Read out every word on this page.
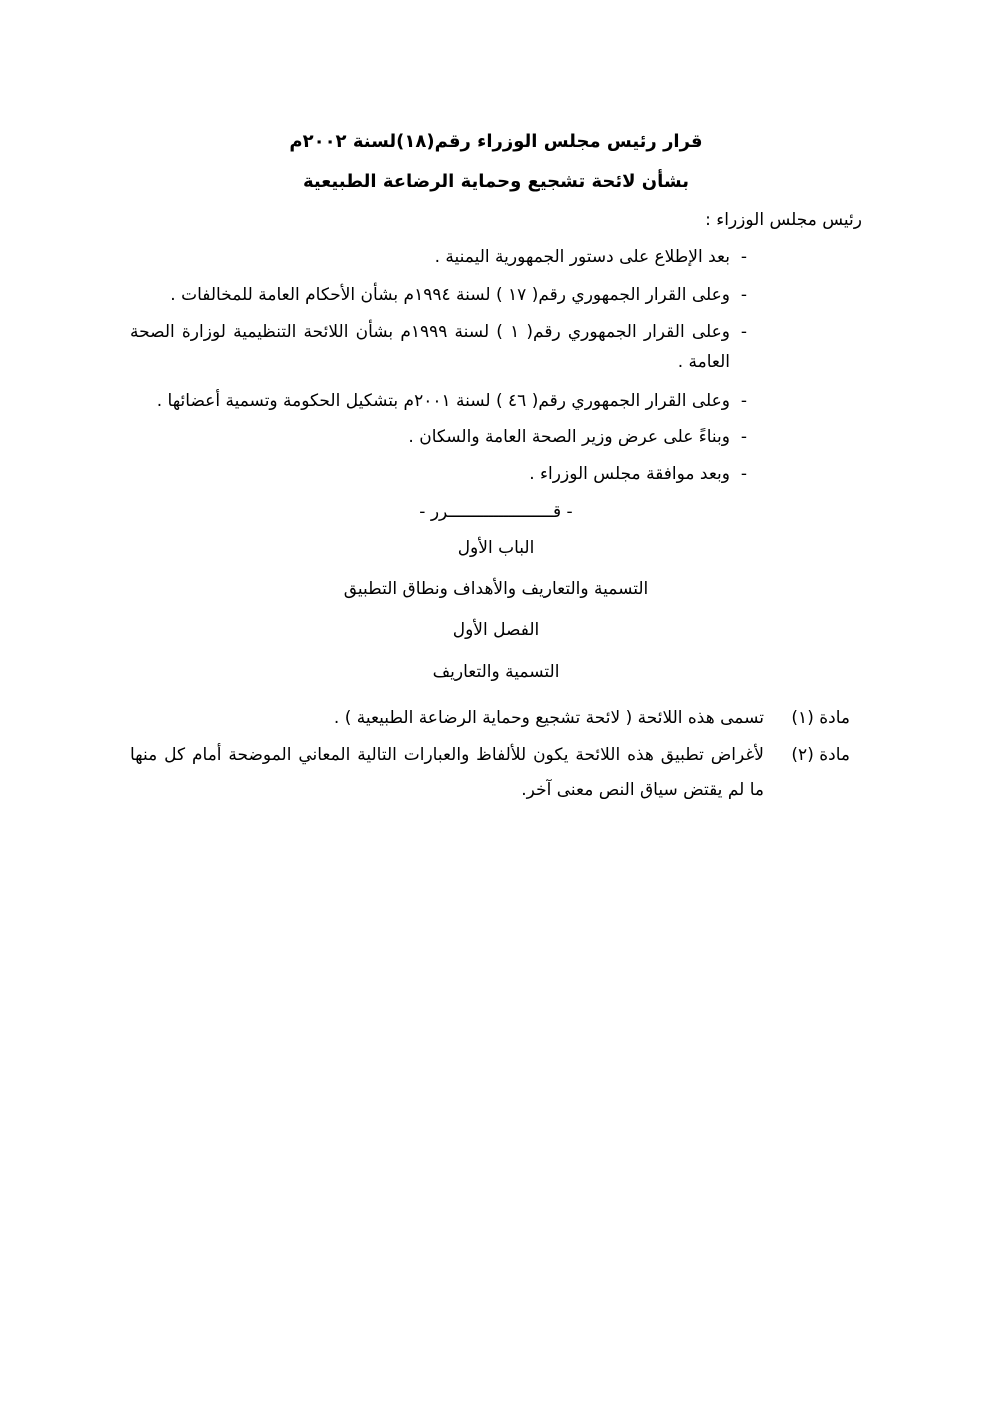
قرار رئيس مجلس الوزراء رقم(١٨)لسنة ٢٠٠٢م
بشأن لائحة تشجيع وحماية الرضاعة الطبيعية
رئيس مجلس الوزراء :
-
بعد الإطلاع على دستور الجمهورية اليمنية .
-
وعلى القرار الجمهوري رقم( ١٧ ) لسنة ١٩٩٤م بشأن الأحكام العامة للمخالفات .
-
وعلى القرار الجمهوري رقم( ١ ) لسنة ١٩٩٩م بشأن اللائحة التنظيمية لوزارة الصحة
العامة .
-
وعلى القرار الجمهوري رقم( ٤٦ ) لسنة ٢٠٠١م بتشكيل الحكومة وتسمية أعضائها .
-
وبناءً على عرض وزير الصحة العامة والسكان .
-
وبعد موافقة مجلس الوزراء .
- قـــــــــــــــــــــرر -
الباب الأول
التسمية والتعاريف والأهداف ونطاق التطبيق
الفصل الأول
التسمية والتعاريف
مادة (١)
تسمى هذه اللائحة ( لائحة تشجيع وحماية الرضاعة الطبيعية ) .
مادة (٢)
لأغراض تطبيق هذه اللائحة يكون للألفاظ والعبارات التالية المعاني الموضحة أمام كل منها
ما لم يقتض سياق النص معنى آخر.
